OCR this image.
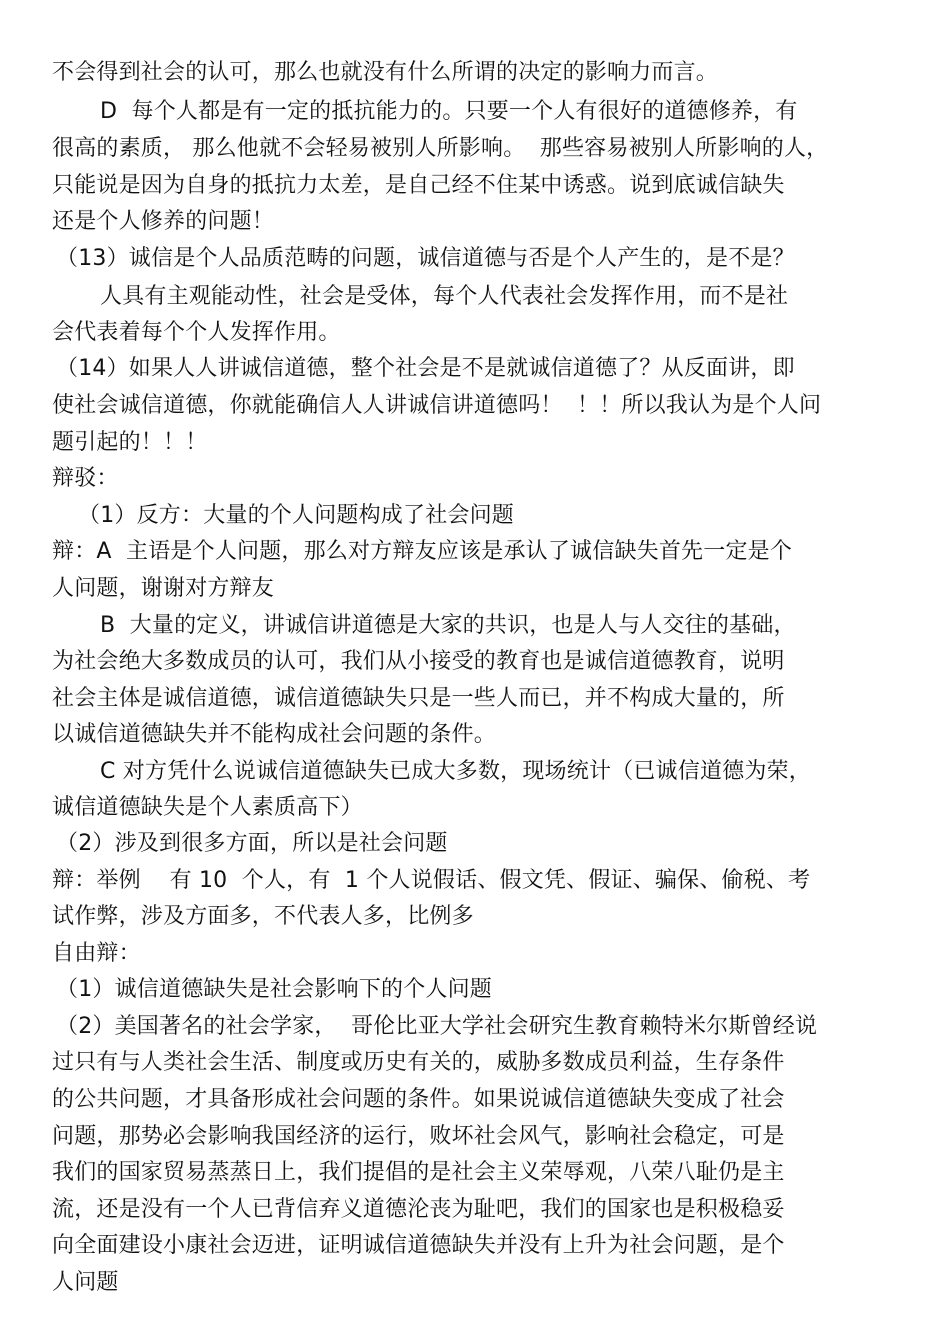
不会得到社会的认可，那么也就没有什么所谓的决定的影响力而言。
D  每个人都是有一定的抵抗能力的。只要一个人有很好的道德修养，有
很高的素质， 那么他就不会轻易被别人所影响。  那些容易被别人所影响的人，
只能说是因为自身的抵抗力太差，是自己经不住某中诱惑。说到底诚信缺失
还是个人修养的问题！
（13）诚信是个人品质范畴的问题，诚信道德与否是个人产生的，是不是？
人具有主观能动性，社会是受体，每个人代表社会发挥作用，而不是社
会代表着每个个人发挥作用。
（14）如果人人讲诚信道德，整个社会是不是就诚信道德了？从反面讲，即
使社会诚信道德，你就能确信人人讲诚信讲道德吗！  ！！所以我认为是个人问
题引起的！！！
辩驳：
（1）反方：大量的个人问题构成了社会问题
辩：A  主语是个人问题，那么对方辩友应该是承认了诚信缺失首先一定是个
人问题，谢谢对方辩友
B  大量的定义，讲诚信讲道德是大家的共识，也是人与人交往的基础，
为社会绝大多数成员的认可，我们从小接受的教育也是诚信道德教育，说明
社会主体是诚信道德，诚信道德缺失只是一些人而已，并不构成大量的，所
以诚信道德缺失并不能构成社会问题的条件。
C 对方凭什么说诚信道德缺失已成大多数，现场统计（已诚信道德为荣，
诚信道德缺失是个人素质高下）
（2）涉及到很多方面，所以是社会问题
辩：举例    有 10  个人，有  1 个人说假话、假文凭、假证、骗保、偷税、考
试作弊，涉及方面多，不代表人多，比例多
自由辩：
（1）诚信道德缺失是社会影响下的个人问题
（2）美国著名的社会学家，  哥伦比亚大学社会研究生教育赖特米尔斯曾经说
过只有与人类社会生活、制度或历史有关的，威胁多数成员利益，生存条件
的公共问题，才具备形成社会问题的条件。如果说诚信道德缺失变成了社会
问题，那势必会影响我国经济的运行，败坏社会风气，影响社会稳定，可是
我们的国家贸易蒸蒸日上，我们提倡的是社会主义荣辱观，八荣八耻仍是主
流，还是没有一个人已背信弃义道德沦丧为耻吧，我们的国家也是积极稳妥
向全面建设小康社会迈进，证明诚信道德缺失并没有上升为社会问题，是个
人问题
